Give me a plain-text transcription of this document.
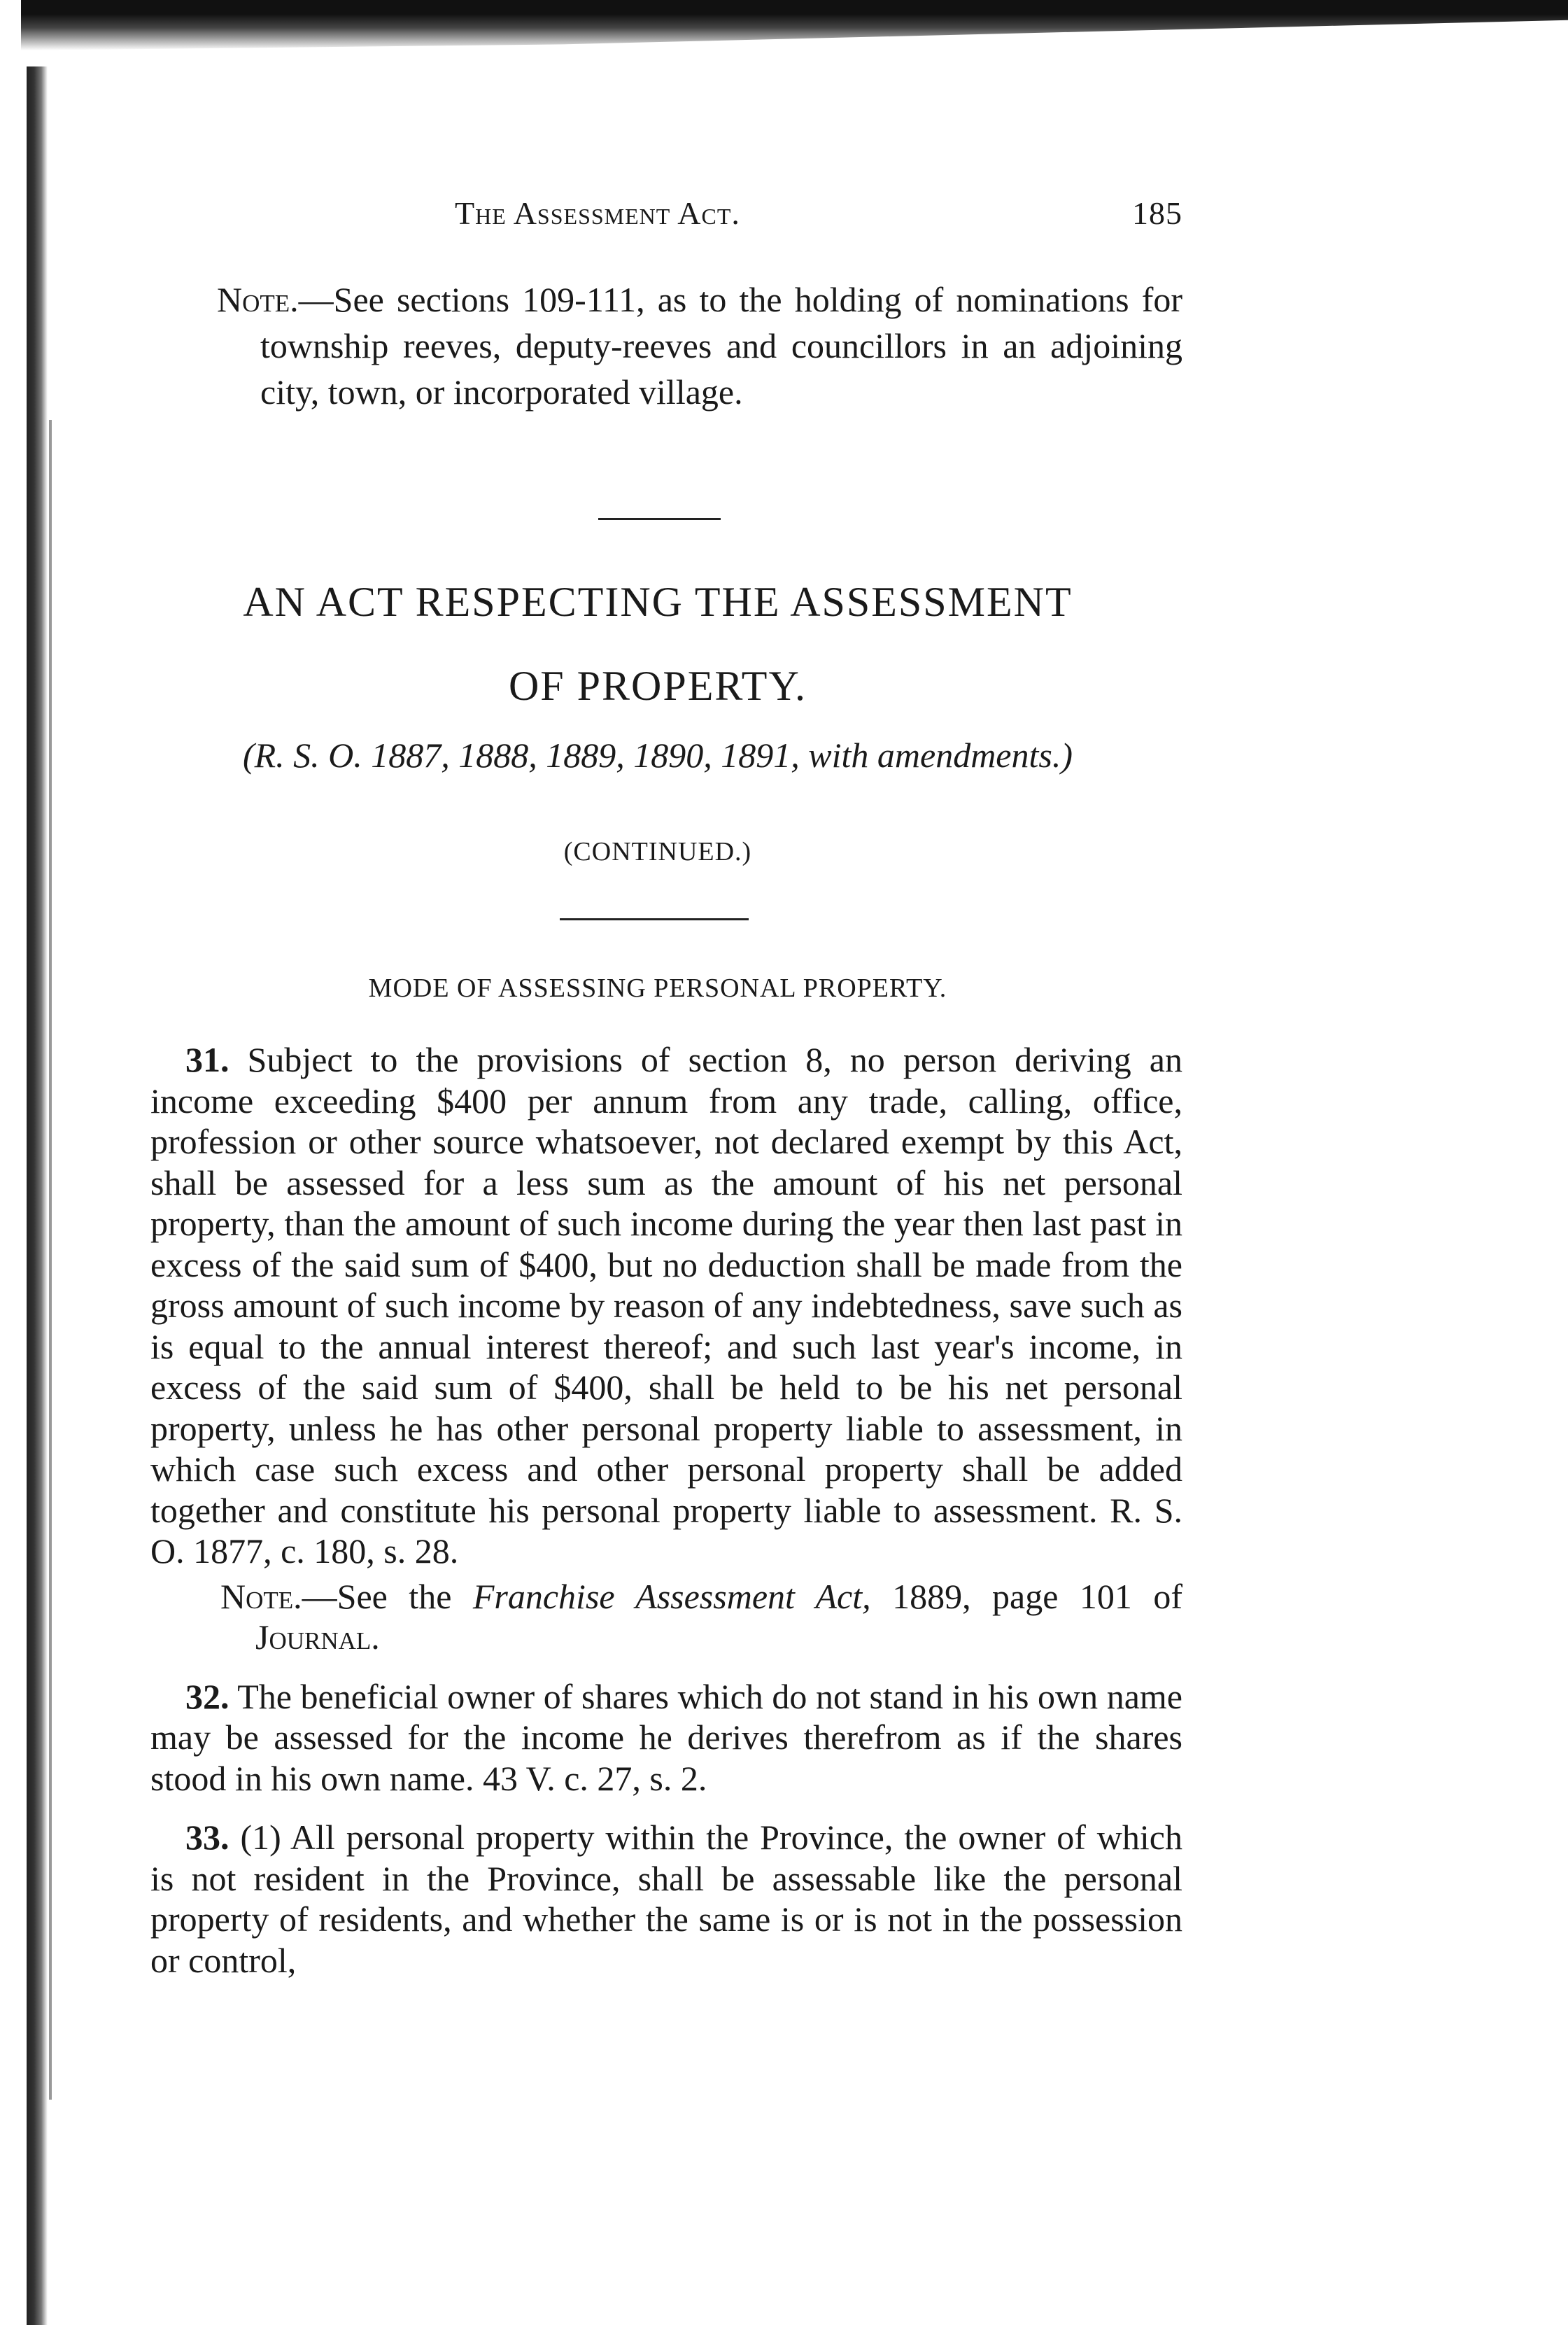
The Assessment Act.	185
Note.—See sections 109-111, as to the holding of nominations for township reeves, deputy-reeves and councillors in an adjoining city, town, or incorporated village.
AN ACT RESPECTING THE ASSESSMENT
OF PROPERTY.
(R. S. O. 1887, 1888, 1889, 1890, 1891, with amendments.)
(CONTINUED.)
MODE OF ASSESSING PERSONAL PROPERTY.

31. Subject to the provisions of section 8, no person deriving an income exceeding $400 per annum from any trade, calling, office, profession or other source whatsoever, not declared exempt by this Act, shall be assessed for a less sum as the amount of his net personal property, than the amount of such income during the year then last past in excess of the said sum of $400, but no deduction shall be made from the gross amount of such income by reason of any indebtedness, save such as is equal to the annual interest thereof; and such last year's income, in excess of the said sum of $400, shall be held to be his net personal property, unless he has other personal property liable to assessment, in which case such excess and other personal property shall be added together and constitute his personal property liable to assessment. R. S. O. 1877, c. 180, s. 28.

Note.—See the Franchise Assessment Act, 1889, page 101 of Journal.

32. The beneficial owner of shares which do not stand in his own name may be assessed for the income he derives therefrom as if the shares stood in his own name. 43 V. c. 27, s. 2.

33. (1) All personal property within the Province, the owner of which is not resident in the Province, shall be assessable like the personal property of residents, and whether the same is or is not in the possession or control,
